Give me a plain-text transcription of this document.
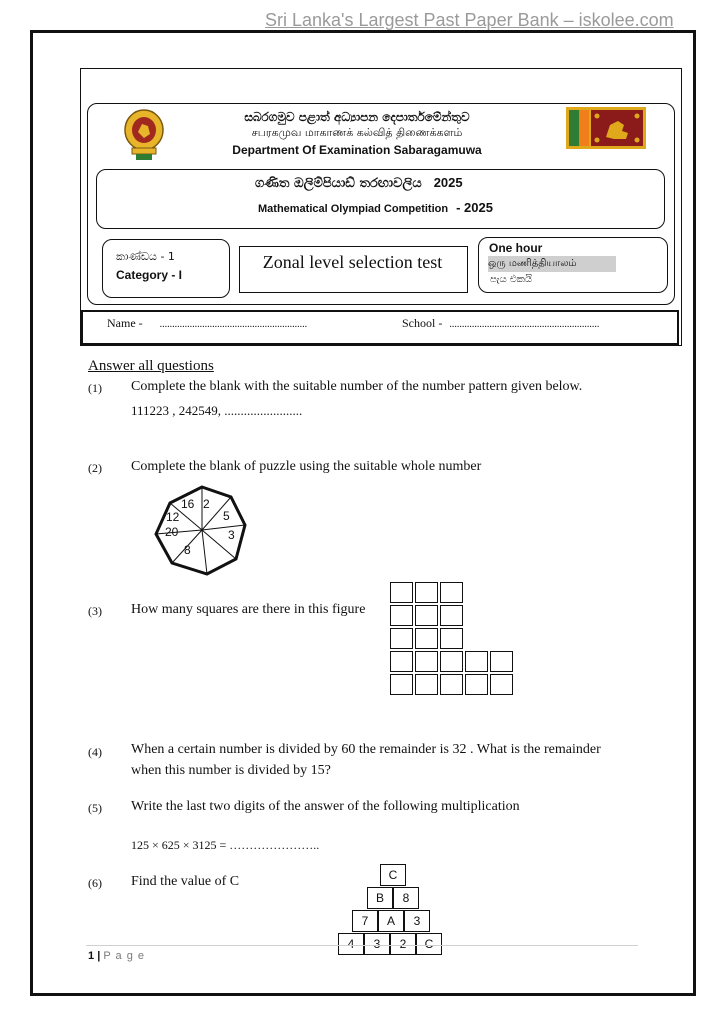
Sri Lanka's Largest Past Paper Bank – iskolee.com
සබරගමුව පළාත් අධ්‍යාපන දෙපාර්තමේන්තුව
சபரகமுவ மாகாணக் கல்வித் திணைக்களம்
Department Of Examination Sabaragamuwa
ගණිත ඔලිම්පියාඩ් තරඟාවලිය 2025
Mathematical Olympiad Competition - 2025
කාණ්ඩය - 1
Category - I
Zonal level selection test
One hour
ஒரு மணித்தியாலம்
පැය එකයි
Name - ...........................................................	School - ............................................................
Answer all questions
(1) Complete the blank with the suitable number of the number pattern given below.
111223 , 242549, ........................
(2) Complete the blank of puzzle using the suitable whole number
16 2
5
3
8
20
12
(3) How many squares are there in this figure
(4) When a certain number is divided by 60 the remainder is 32 . What is the remainder
when this number is divided by 15?
(5) Write the last two digits of the answer of the following multiplication
125 × 625 × 3125 = …………………..
(6) Find the value of C	C
B	8
7	A	3
4	3	2	C
1 | P a g e
